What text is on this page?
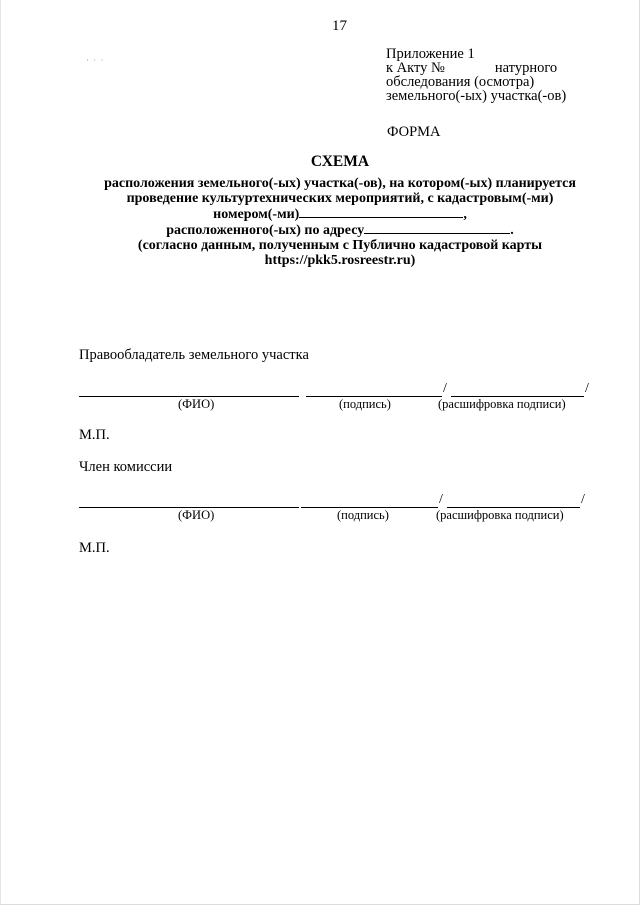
17
· · ·	Приложение 1
к Акту №	натурного
обследования (осмотра)
земельного(-ых) участка(-ов)
ФОРМА
СХЕМА
расположения земельного(-ых) участка(-ов), на котором(-ых) планируется
проведение культуртехнических мероприятий, с кадастровым(-ми)
номером(-ми)	,
расположенного(-ых) по адресу	.
(согласно данным, полученным с Публично кадастровой карты
https://pkk5.rosreestr.ru)
Правообладатель земельного участка
/	/
(ФИО)	(подпись)	(расшифровка подписи)
М.П.
Член комиссии
/	/
(ФИО)	(подпись)	(расшифровка подписи)
М.П.
